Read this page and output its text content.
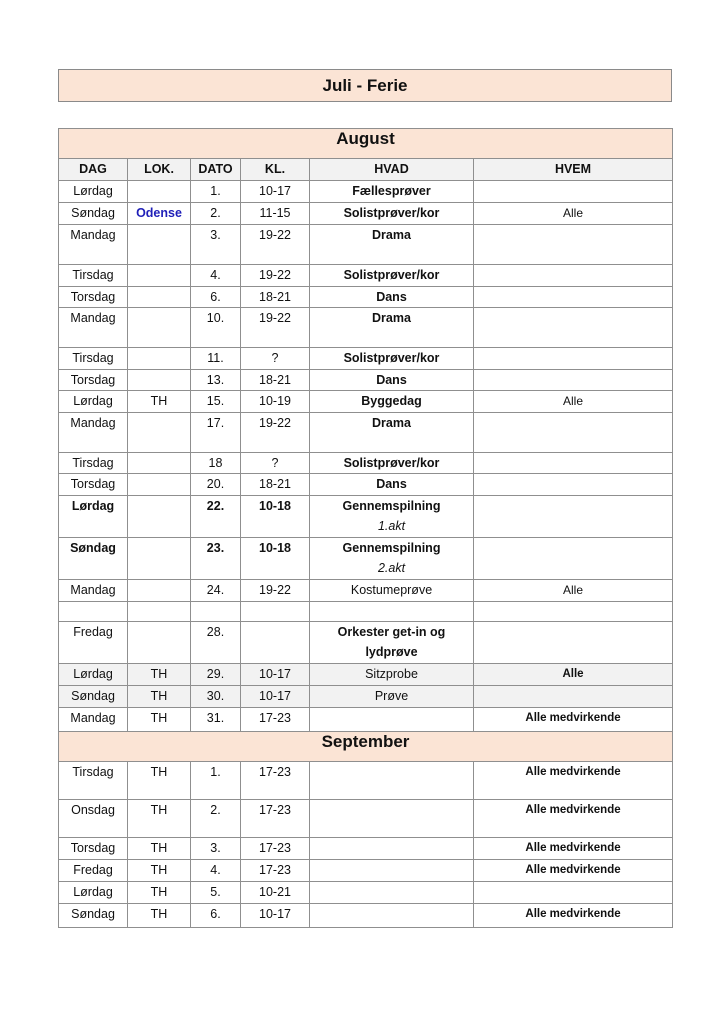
Juli - Ferie
August					
DAG	LOK.	DATO	KL.	HVAD	HVEM
Lørdag		1.	10-17	Fællesprøver	
Søndag	Odense	2.	11-15	Solistprøver/kor	Alle
Mandag		3.	19-22	Drama	
Tirsdag		4.	19-22	Solistprøver/kor	
Torsdag		6.	18-21	Dans	
Mandag		10.	19-22	Drama	
Tirsdag		11.	?	Solistprøver/kor	
Torsdag		13.	18-21	Dans	
Lørdag	TH	15.	10-19	Byggedag	Alle
Mandag		17.	19-22	Drama	
Tirsdag		18	?	Solistprøver/kor	
Torsdag		20.	18-21	Dans	
Lørdag		22.	10-18	Gennemspilning
1.akt	

Søndag		23.	10-18	Gennemspilning
2.akt	

Mandag		24.	19-22	Kostumeprøve	Alle

Fredag		28.		Orkester get-in og
lydprøve	

Lørdag	TH	29.	10-17	Sitzprobe	Alle
Søndag	TH	30.	10-17	Prøve	
Mandag	TH	31.	17-23		Alle medvirkende
September					
Tirsdag	TH	1.	17-23		Alle medvirkende
Onsdag	TH	2.	17-23		Alle medvirkende
Torsdag	TH	3.	17-23		Alle medvirkende
Fredag	TH	4.	17-23		Alle medvirkende
Lørdag	TH	5.	10-21		
Søndag	TH	6.	10-17		Alle medvirkende
